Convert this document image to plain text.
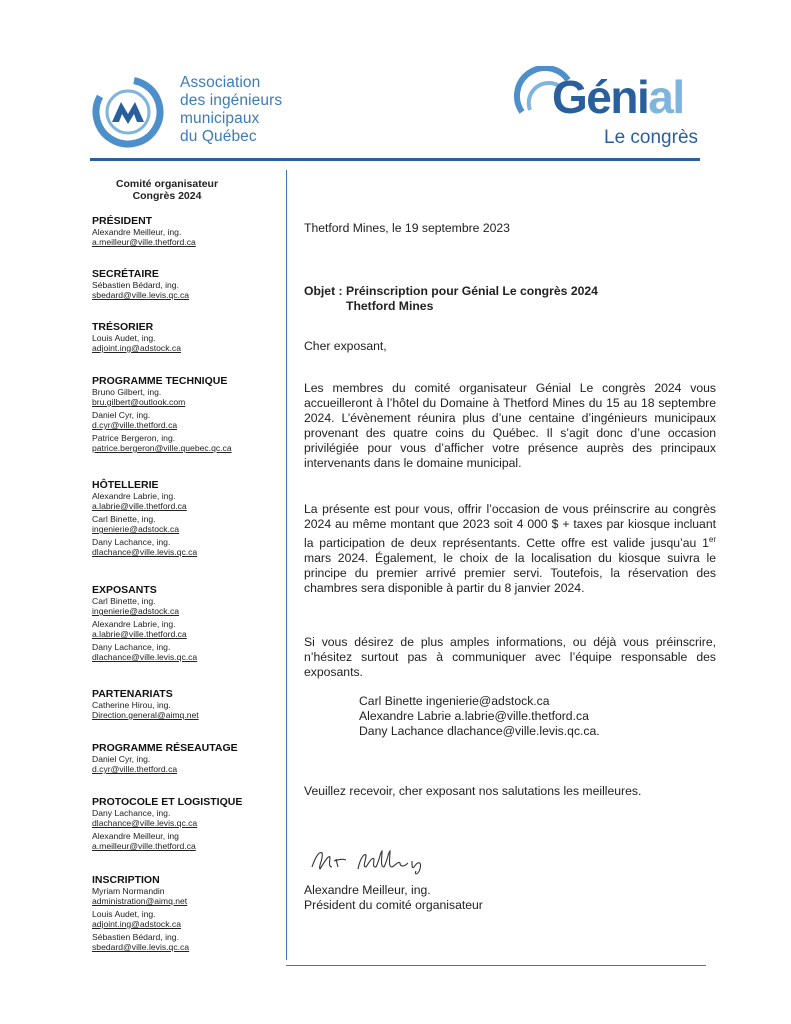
Association
des ingénieurs
municipaux
du Québec
Génial
Le congrès
Comité organisateur
Congrès 2024
PRÉSIDENT
Alexandre Meilleur, ing.
a.meilleur@ville.thetford.ca
SECRÉTAIRE
Sébastien Bédard, ing.
sbedard@ville.levis.qc.ca
TRÉSORIER
Louis Audet, ing.
adjoint.ing@adstock.ca
PROGRAMME TECHNIQUE
Bruno Gilbert, ing.
bru.gilbert@outlook.com
Daniel Cyr, ing.
d.cyr@ville.thetford.ca
Patrice Bergeron, ing.
patrice.bergeron@ville.quebec.qc.ca
HÔTELLERIE
Alexandre Labrie, ing.
a.labrie@ville.thetford.ca
Carl Binette, ing.
ingenierie@adstock.ca
Dany Lachance, ing.
dlachance@ville.levis.qc.ca
EXPOSANTS
Carl Binette, ing.
ingenierie@adstock.ca
Alexandre Labrie, ing.
a.labrie@ville.thetford.ca
Dany Lachance, ing.
dlachance@ville.levis.qc.ca
PARTENARIATS
Catherine Hirou, ing.
Direction.general@aimq.net
PROGRAMME RÉSEAUTAGE
Daniel Cyr, ing.
d.cyr@ville.thetford.ca
PROTOCOLE ET LOGISTIQUE
Dany Lachance, ing.
dlachance@ville.levis.qc.ca
Alexandre Meilleur, ing
a.meilleur@ville.thetford.ca
INSCRIPTION
Myriam Normandin
administration@aimq.net
Louis Audet, ing.
adjoint.ing@adstock.ca
Sébastien Bédard, ing.
sbedard@ville.levis.qc.ca
Thetford Mines, le 19 septembre 2023
Objet : Préinscription pour Génial Le congrès 2024
Thetford Mines
Cher exposant,
Les membres du comité organisateur Génial Le congrès 2024 vous accueilleront à l’hôtel du Domaine à Thetford Mines du 15 au 18 septembre 2024. L’évènement réunira plus d’une centaine d’ingénieurs municipaux provenant des quatre coins du Québec. Il s’agit donc d’une occasion privilégiée pour vous d’afficher votre présence auprès des principaux intervenants dans le domaine municipal.
La présente est pour vous, offrir l’occasion de vous préinscrire au congrès 2024 au même montant que 2023 soit 4 000 $ + taxes par kiosque incluant la participation de deux représentants. Cette offre est valide jusqu’au 1er mars 2024. Également, le choix de la localisation du kiosque suivra le principe du premier arrivé premier servi. Toutefois, la réservation des chambres sera disponible à partir du 8 janvier 2024.
Si vous désirez de plus amples informations, ou déjà vous préinscrire, n’hésitez surtout pas à communiquer avec l’équipe responsable des exposants.
Carl Binette ingenierie@adstock.ca
Alexandre Labrie a.labrie@ville.thetford.ca
Dany Lachance dlachance@ville.levis.qc.ca.
Veuillez recevoir, cher exposant nos salutations les meilleures.
Alexandre Meilleur, ing.
Président du comité organisateur
